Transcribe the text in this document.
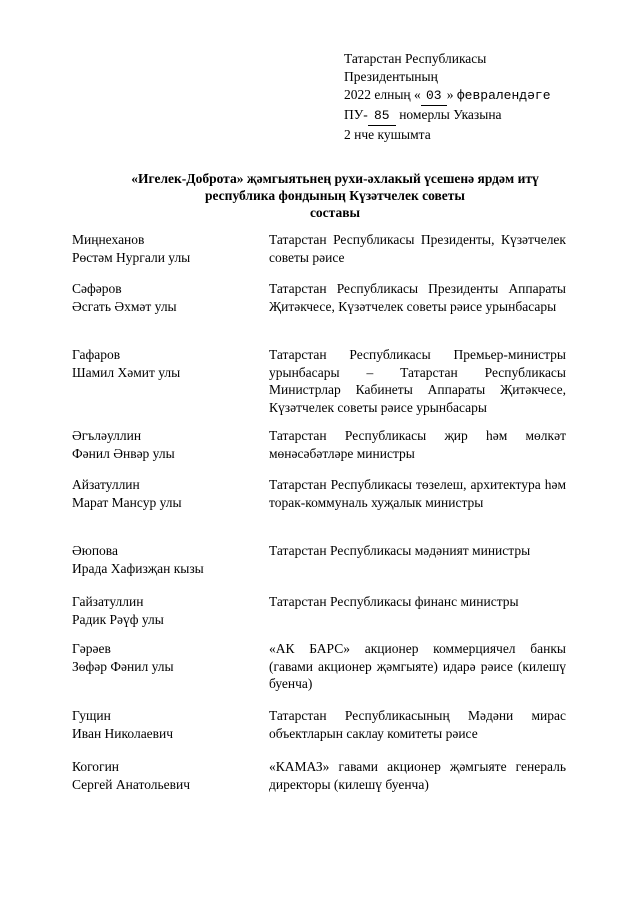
Татарстан Республикасы
Президентының
2022 елның « 03 » февралендәге
ПУ- 85 номерлы Указына
2 нче кушымта
«Игелек-Доброта» җәмгыятьнең рухи-әхлакый үсешенә ярдәм итү
республика фондының Күзәтчелек советы
составы
Миңнеханов
Рөстәм Нургали улы
Татарстан Республикасы Президенты, Күзәтчелек советы рәисе
Сәфәров
Әсгать Әхмәт улы
Татарстан Республикасы Президенты Аппараты Җитәкчесе, Күзәтчелек советы рәисе урынбасары
Гафаров
Шамил Хәмит улы
Татарстан Республикасы Премьер-министры урынбасары – Татарстан Республикасы Министрлар Кабинеты Аппараты Җитәкчесе, Күзәтчелек советы рәисе урынбасары
Әгъләуллин
Фәнил Әнвәр улы
Татарстан Республикасы җир һәм мөлкәт мөнәсәбәтләре министры
Айзатуллин
Марат Мансур улы
Татарстан Республикасы төзелеш, архитектура һәм торак-коммуналь хуҗалык министры
Әюпова
Ирада Хафизҗан кызы
Татарстан Республикасы мәдәният министры
Гайзатуллин
Радик Рәүф улы
Татарстан Республикасы финанс министры
Гәрәев
Зөфәр Фәнил улы
«АК БАРС» акционер коммерциячел банкы (гавами акционер җәмгыяте) идарә рәисе (килешү буенча)
Гущин
Иван Николаевич
Татарстан Республикасының Мәдәни мирас объектларын саклау комитеты рәисе
Когогин
Сергей Анатольевич
«КАМАЗ» гавами акционер җәмгыяте генераль директоры (килешү буенча)
